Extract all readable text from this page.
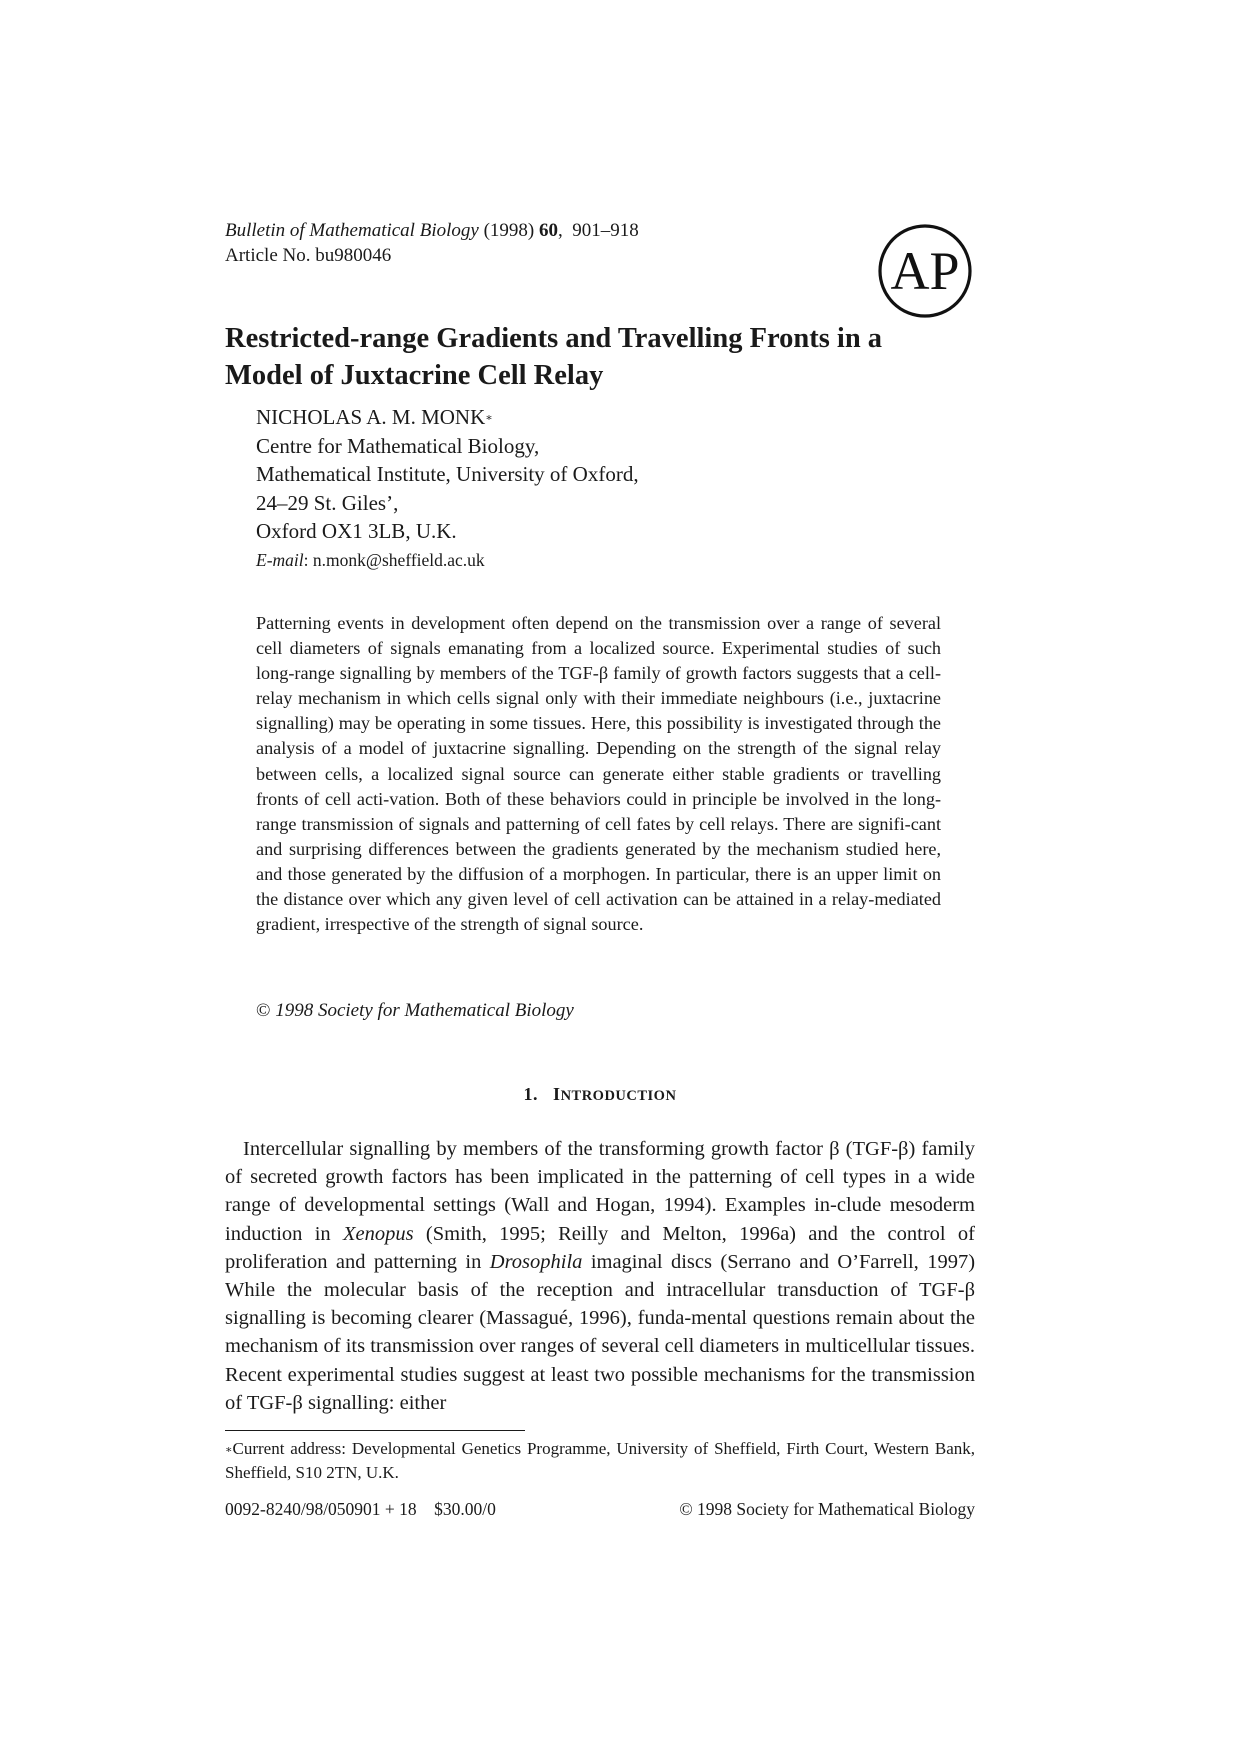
Bulletin of Mathematical Biology (1998) 60,  901–918
Article No. bu980046	AP
Restricted-range Gradients and Travelling Fronts in a
Model of Juxtacrine Cell Relay
NICHOLAS A. M. MONK∗
Centre for Mathematical Biology,
Mathematical Institute, University of Oxford,
24–29 St. Giles’,
Oxford OX1 3LB, U.K.
E-mail: n.monk@sheffield.ac.uk

Patterning events in development often depend on the transmission over a range of several cell diameters of signals emanating from a localized source. Experimental studies of such long-range signalling by members of the TGF-β family of growth factors suggests that a cell-relay mechanism in which cells signal only with their immediate neighbours (i.e., juxtacrine signalling) may be operating in some tissues. Here, this possibility is investigated through the analysis of a model of juxtacrine signalling. Depending on the strength of the signal relay between cells, a localized signal source can generate either stable gradients or travelling fronts of cell acti-vation. Both of these behaviors could in principle be involved in the long-range transmission of signals and patterning of cell fates by cell relays. There are signifi-cant and surprising differences between the gradients generated by the mechanism studied here, and those generated by the diffusion of a morphogen. In particular, there is an upper limit on the distance over which any given level of cell activation can be attained in a relay-mediated gradient, irrespective of the strength of signal source.

© 1998 Society for Mathematical Biology
1. INTRODUCTION

Intercellular signalling by members of the transforming growth factor β (TGF-β) family of secreted growth factors has been implicated in the patterning of cell types in a wide range of developmental settings (Wall and Hogan, 1994). Examples in-clude mesoderm induction in Xenopus (Smith, 1995; Reilly and Melton, 1996a) and the control of proliferation and patterning in Drosophila imaginal discs (Serrano and O’Farrell, 1997) While the molecular basis of the reception and intracellular transduction of TGF-β signalling is becoming clearer (Massagué, 1996), funda-mental questions remain about the mechanism of its transmission over ranges of several cell diameters in multicellular tissues. Recent experimental studies suggest at least two possible mechanisms for the transmission of TGF-β signalling: either

∗Current address: Developmental Genetics Programme, University of Sheffield, Firth Court, Western Bank, Sheffield, S10 2TN, U.K.

0092-8240/98/050901 + 18 $30.00/0	© 1998 Society for Mathematical Biology
